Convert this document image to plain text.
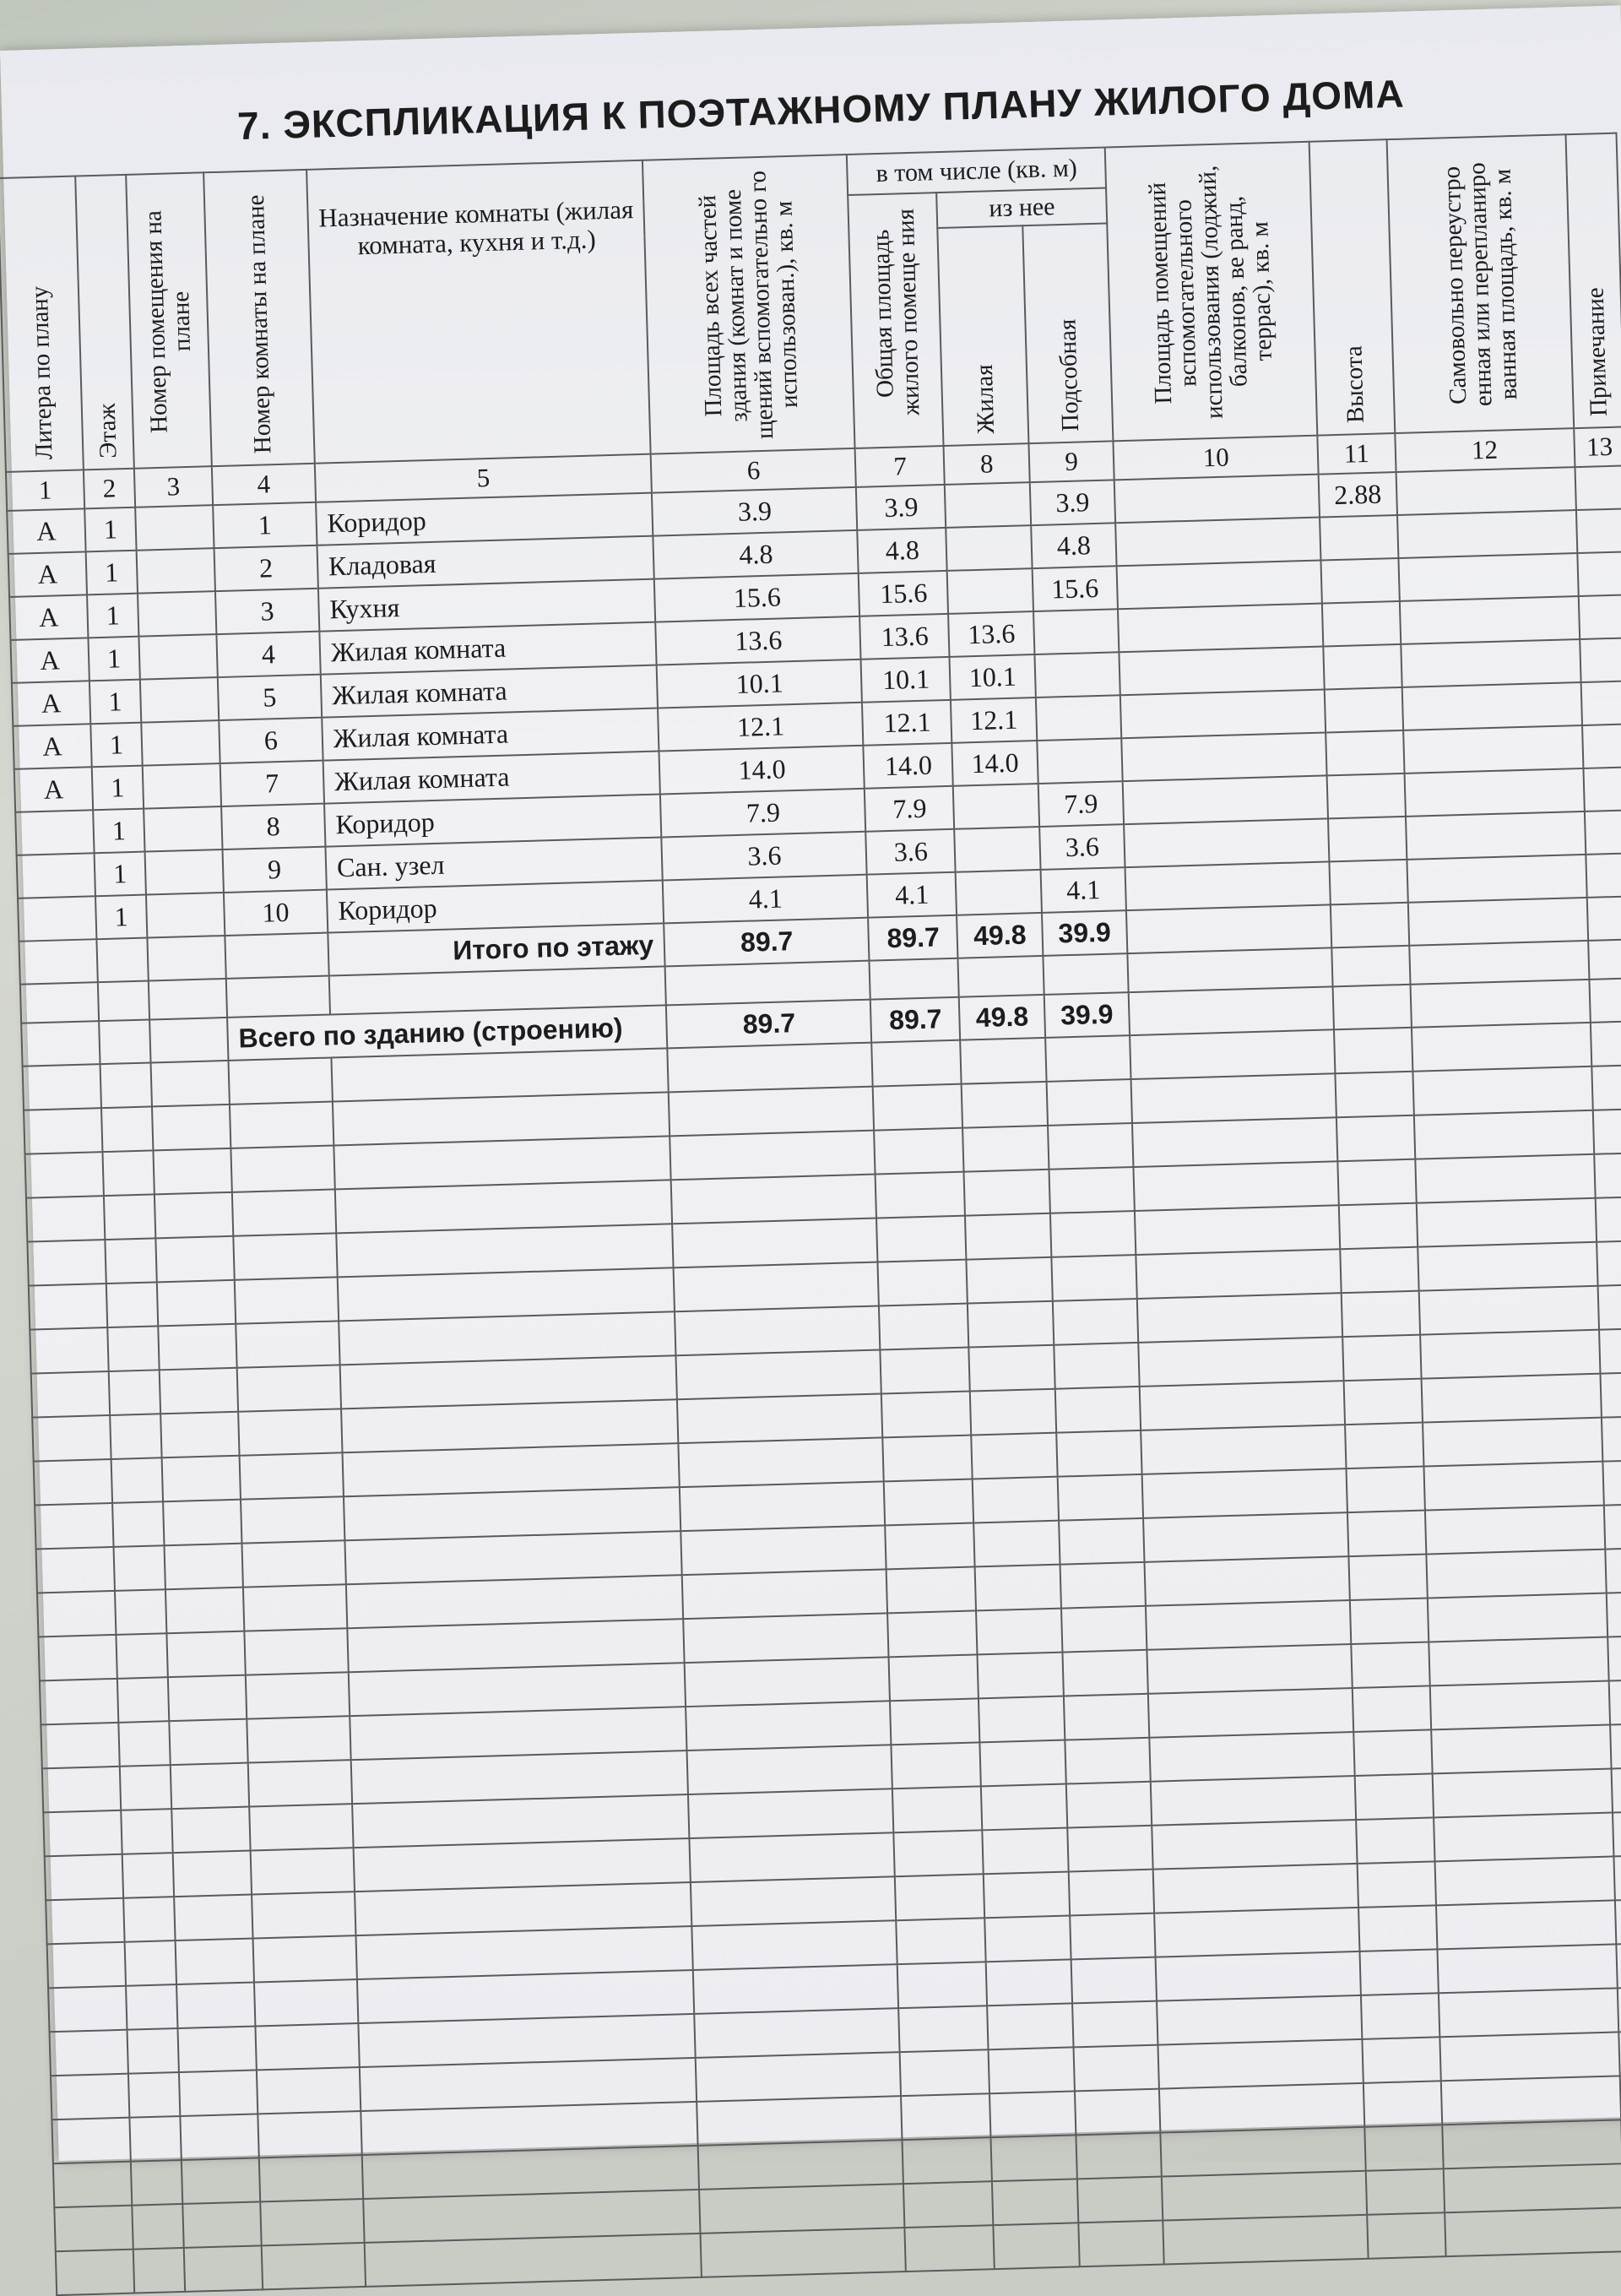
7. ЭКСПЛИКАЦИЯ К ПОЭТАЖНОМУ ПЛАНУ ЖИЛОГО ДОМА
Литера по плану	Этаж	Номер помещения на плане	Номер комнаты на плане	Назначение комнаты (жилая комната, кухня и т.д.)	Площадь всех частей здания (комнат и поме щений вспомогательно го использован.), кв. м	в том числе (кв. м)			Площадь помещений вспомогательного использования (лоджий, балконов, ве ранд, террас), кв. м	Высота	Самовольно переустро енная или перепланиро ванная площадь, кв. м	Примечание
						Общая площадь жилого помеще ния	из нее					
							Жилая	Подсобная				
1	2	3	4	5	6	7	8	9	10	11	12	13
А	1		1	Коридор	3.9	3.9		3.9		2.88		
А	1		2	Кладовая	4.8	4.8		4.8				
А	1		3	Кухня	15.6	15.6		15.6				
А	1		4	Жилая комната	13.6	13.6	13.6					
А	1		5	Жилая комната	10.1	10.1	10.1					
А	1		6	Жилая комната	12.1	12.1	12.1					
А	1		7	Жилая комната	14.0	14.0	14.0					
	1		8	Коридор	7.9	7.9		7.9				
	1		9	Сан. узел	3.6	3.6		3.6				
	1		10	Коридор	4.1	4.1		4.1				
				Итого по этажу	89.7	89.7	49.8	39.9				

			Всего по зданию (строению)		89.7	89.7	49.8	39.9				
